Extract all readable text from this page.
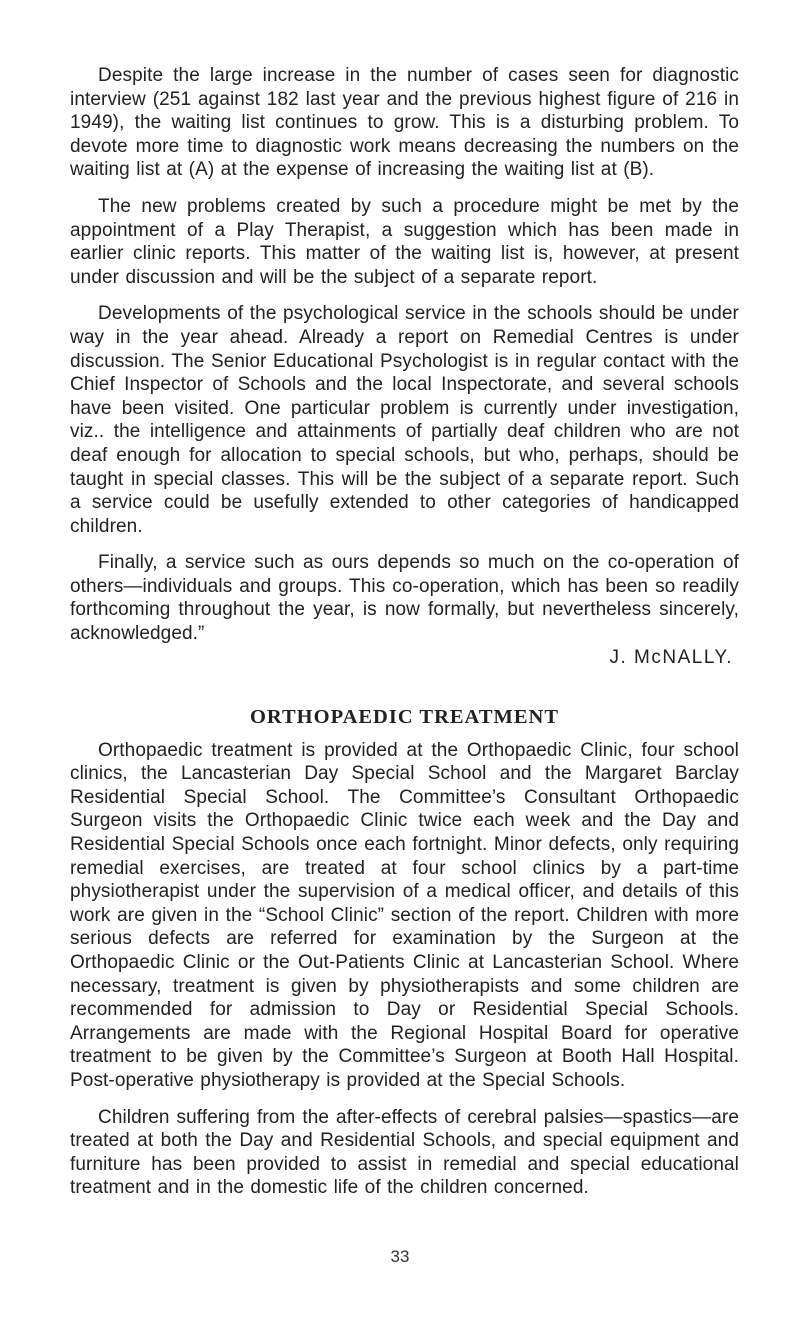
Despite the large increase in the number of cases seen for diagnostic interview (251 against 182 last year and the previous highest figure of 216 in 1949), the waiting list continues to grow. This is a disturbing problem. To devote more time to diagnostic work means decreasing the numbers on the waiting list at (A) at the expense of increasing the waiting list at (B).

The new problems created by such a procedure might be met by the appointment of a Play Therapist, a suggestion which has been made in earlier clinic reports. This matter of the waiting list is, however, at present under discussion and will be the subject of a separate report.

Developments of the psychological service in the schools should be under way in the year ahead. Already a report on Remedial Centres is under discussion. The Senior Educational Psychologist is in regular contact with the Chief Inspector of Schools and the local Inspectorate, and several schools have been visited. One particular problem is currently under investigation, viz.. the intelligence and attainments of partially deaf children who are not deaf enough for allocation to special schools, but who, perhaps, should be taught in special classes. This will be the subject of a separate report. Such a service could be usefully extended to other categories of handicapped children.

Finally, a service such as ours depends so much on the co-operation of others—individuals and groups. This co-operation, which has been so readily forthcoming throughout the year, is now formally, but nevertheless sincerely, acknowledged.”

J. McNALLY.

ORTHOPAEDIC TREATMENT

Orthopaedic treatment is provided at the Orthopaedic Clinic, four school clinics, the Lancasterian Day Special School and the Margaret Barclay Residential Special School. The Committee’s Consultant Orthopaedic Surgeon visits the Orthopaedic Clinic twice each week and the Day and Residential Special Schools once each fortnight. Minor defects, only requiring remedial exercises, are treated at four school clinics by a part-time physiotherapist under the supervision of a medical officer, and details of this work are given in the “School Clinic” section of the report. Children with more serious defects are referred for examination by the Surgeon at the Orthopaedic Clinic or the Out-Patients Clinic at Lancasterian School. Where necessary, treatment is given by physiotherapists and some children are recommended for admission to Day or Residential Special Schools. Arrangements are made with the Regional Hospital Board for operative treatment to be given by the Committee’s Surgeon at Booth Hall Hospital. Post-operative physiotherapy is provided at the Special Schools.

Children suffering from the after-effects of cerebral palsies—spastics—are treated at both the Day and Residential Schools, and special equipment and furniture has been provided to assist in remedial and special educational treatment and in the domestic life of the children concerned.

33
